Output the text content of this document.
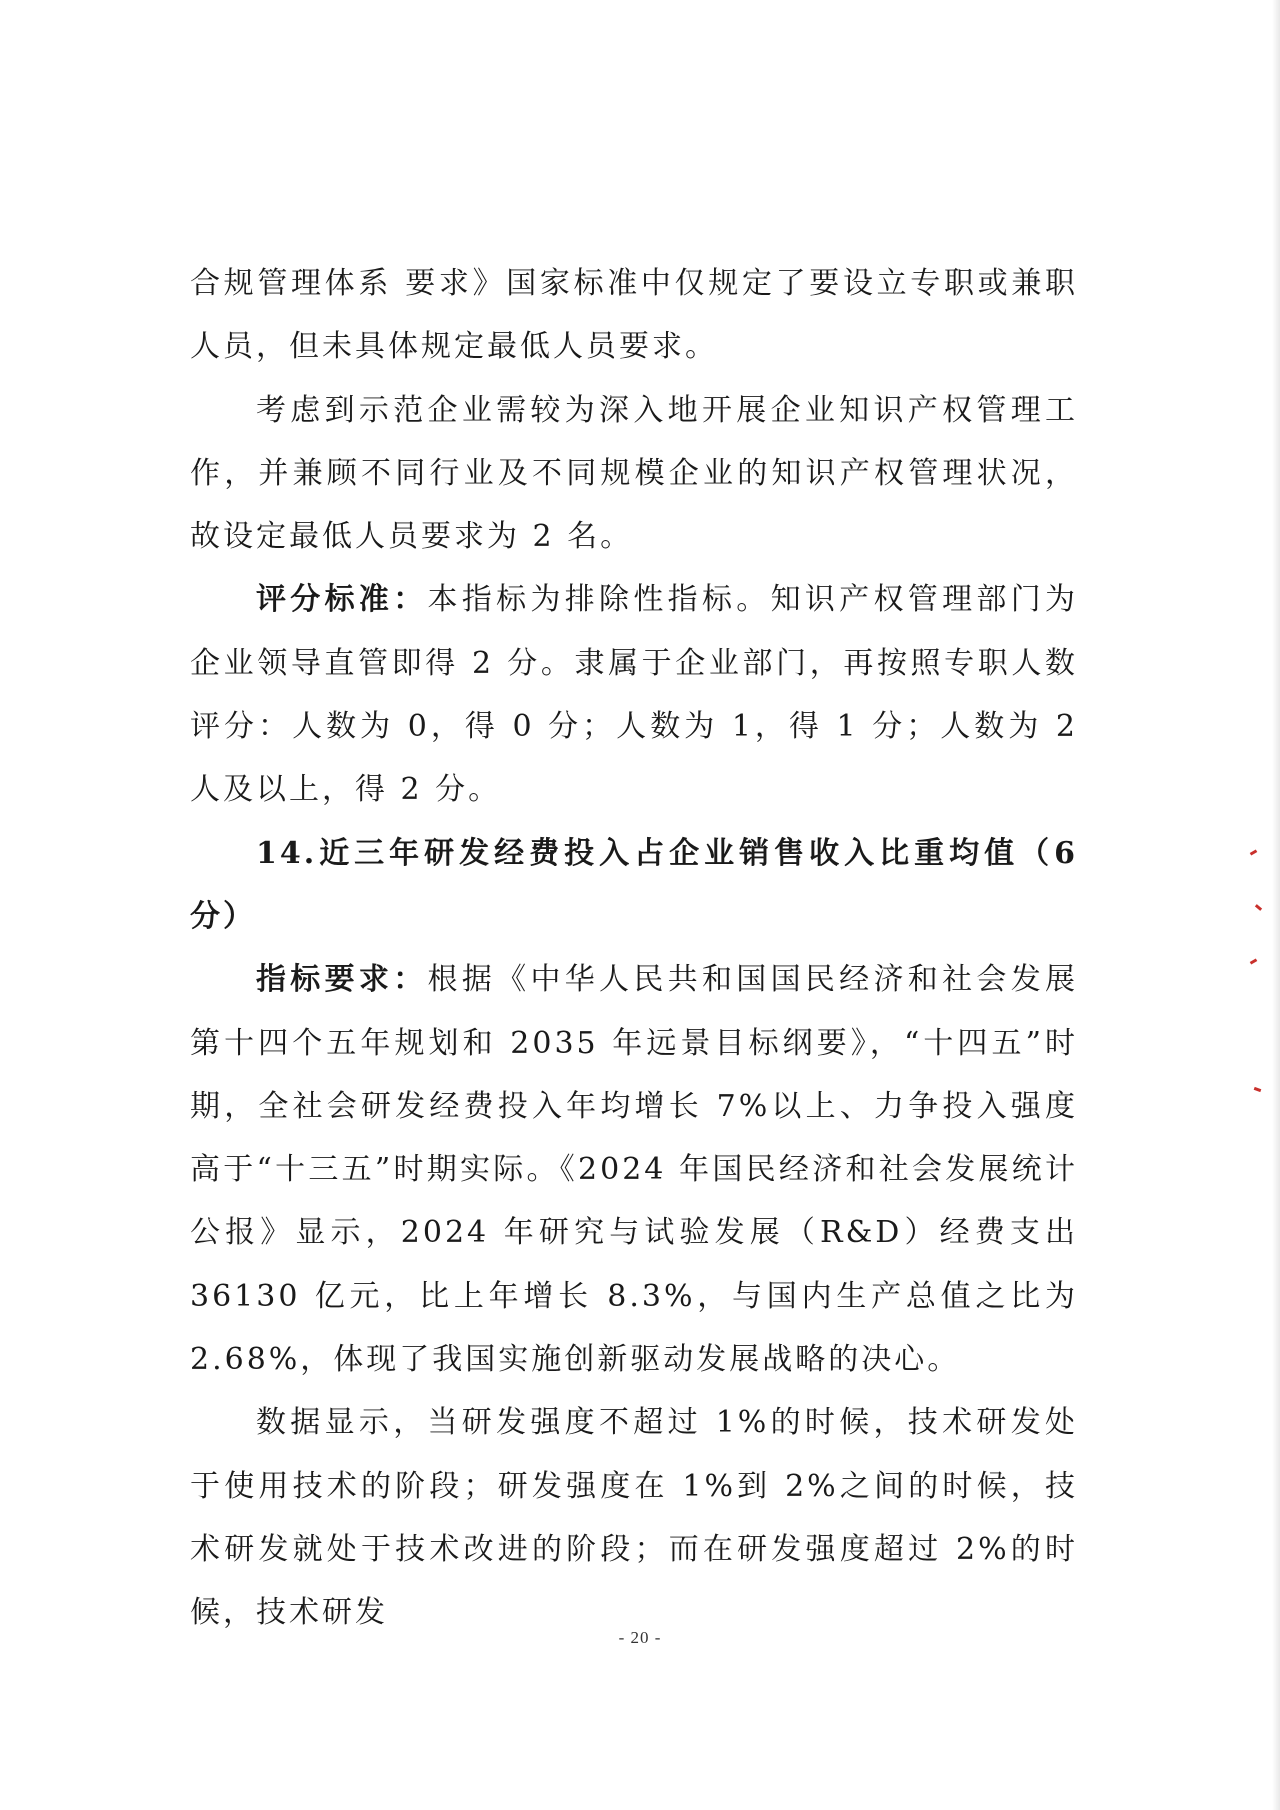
合规管理体系 要求》国家标准中仅规定了要设立专职或兼职人员，但未具体规定最低人员要求。

考虑到示范企业需较为深入地开展企业知识产权管理工作，并兼顾不同行业及不同规模企业的知识产权管理状况，故设定最低人员要求为 2 名。

评分标准：本指标为排除性指标。知识产权管理部门为企业领导直管即得 2 分。隶属于企业部门，再按照专职人数评分：人数为 0，得 0 分；人数为 1，得 1 分；人数为 2 人及以上，得 2 分。

14.近三年研发经费投入占企业销售收入比重均值（6 分）

指标要求：根据《中华人民共和国国民经济和社会发展第十四个五年规划和 2035 年远景目标纲要》，“十四五”时期，全社会研发经费投入年均增长 7%以上、力争投入强度高于“十三五”时期实际。《2024 年国民经济和社会发展统计公报》显示，2024 年研究与试验发展（R&D）经费支出 36130 亿元，比上年增长 8.3%，与国内生产总值之比为 2.68%，体现了我国实施创新驱动发展战略的决心。

数据显示，当研发强度不超过 1%的时候，技术研发处于使用技术的阶段；研发强度在 1%到 2%之间的时候，技术研发就处于技术改进的阶段；而在研发强度超过 2%的时候，技术研发

- 20 -
